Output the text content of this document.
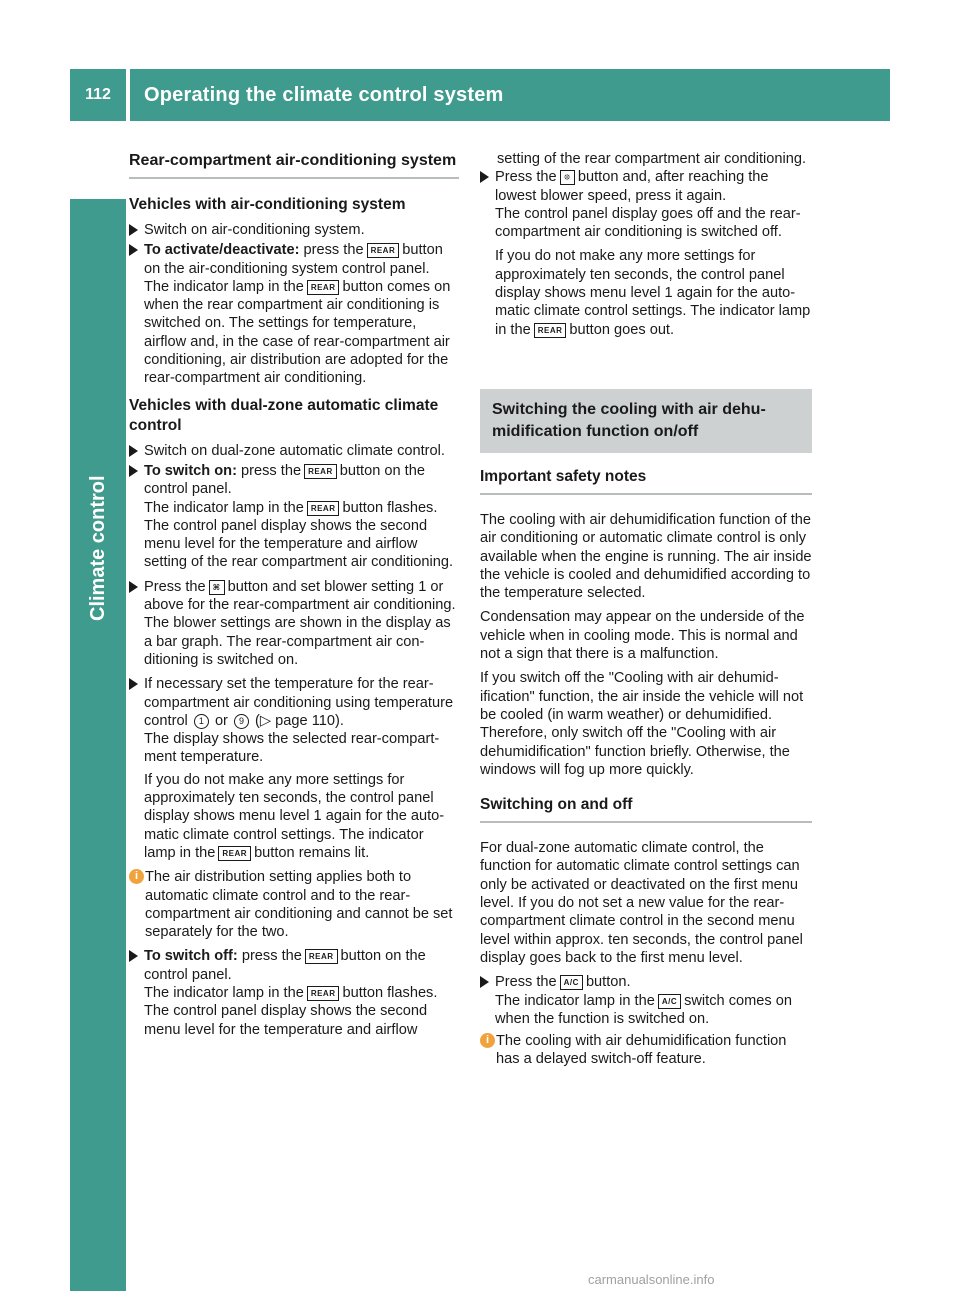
112	Operating the climate control system
Climate control
Rear-compartment air-conditioning system
Vehicles with air-conditioning system
Switch on air-conditioning system.
To activate/deactivate: press the REAR button on the air-conditioning system control panel.
The indicator lamp in the REAR button comes on when the rear compartment air conditioning is switched on. The settings for temperature, airflow and, in the case of rear-compartment air conditioning, air distribution are adopted for the rear-compartment air conditioning.
Vehicles with dual-zone automatic climate control
Switch on dual-zone automatic climate control.
To switch on: press the REAR button on the control panel.
The indicator lamp in the REAR button flashes. The control panel display shows the second menu level for the temperature and airflow setting of the rear compartment air conditioning.
Press the ⌘ button and set blower setting 1 or above for the rear-compartment air conditioning.
The blower settings are shown in the display as a bar graph. The rear-compartment air conditioning is switched on.
If necessary set the temperature for the rear-compartment air conditioning using temperature control 1 or 9 (▷ page 110).
The display shows the selected rear-compartment temperature.
If you do not make any more settings for approximately ten seconds, the control panel display shows menu level 1 again for the automatic climate control settings. The indicator lamp in the REAR button remains lit.
i The air distribution setting applies both to automatic climate control and to the rear-compartment air conditioning and cannot be set separately for the two.
To switch off: press the REAR button on the control panel.
The indicator lamp in the REAR button flashes. The control panel display shows the second menu level for the temperature and airflow
setting of the rear compartment air conditioning.
Press the ❊ button and, after reaching the lowest blower speed, press it again.
The control panel display goes off and the rear-compartment air conditioning is switched off.
If you do not make any more settings for approximately ten seconds, the control panel display shows menu level 1 again for the automatic climate control settings. The indicator lamp in the REAR button goes out.
Switching the cooling with air dehumidification function on/off
Important safety notes
The cooling with air dehumidification function of the air conditioning or automatic climate control is only available when the engine is running. The air inside the vehicle is cooled and dehumidified according to the temperature selected.
Condensation may appear on the underside of the vehicle when in cooling mode. This is normal and not a sign that there is a malfunction.
If you switch off the "Cooling with air dehumidification" function, the air inside the vehicle will not be cooled (in warm weather) or dehumidified. Therefore, only switch off the "Cooling with air dehumidification" function briefly. Otherwise, the windows will fog up more quickly.
Switching on and off
For dual-zone automatic climate control, the function for automatic climate control settings can only be activated or deactivated on the first menu level. If you do not set a new value for the rear-compartment climate control in the second menu level within approx. ten seconds, the control panel display goes back to the first menu level.
Press the A/C button.
The indicator lamp in the A/C switch comes on when the function is switched on.
i The cooling with air dehumidification function has a delayed switch-off feature.
carmanualsonline.info
